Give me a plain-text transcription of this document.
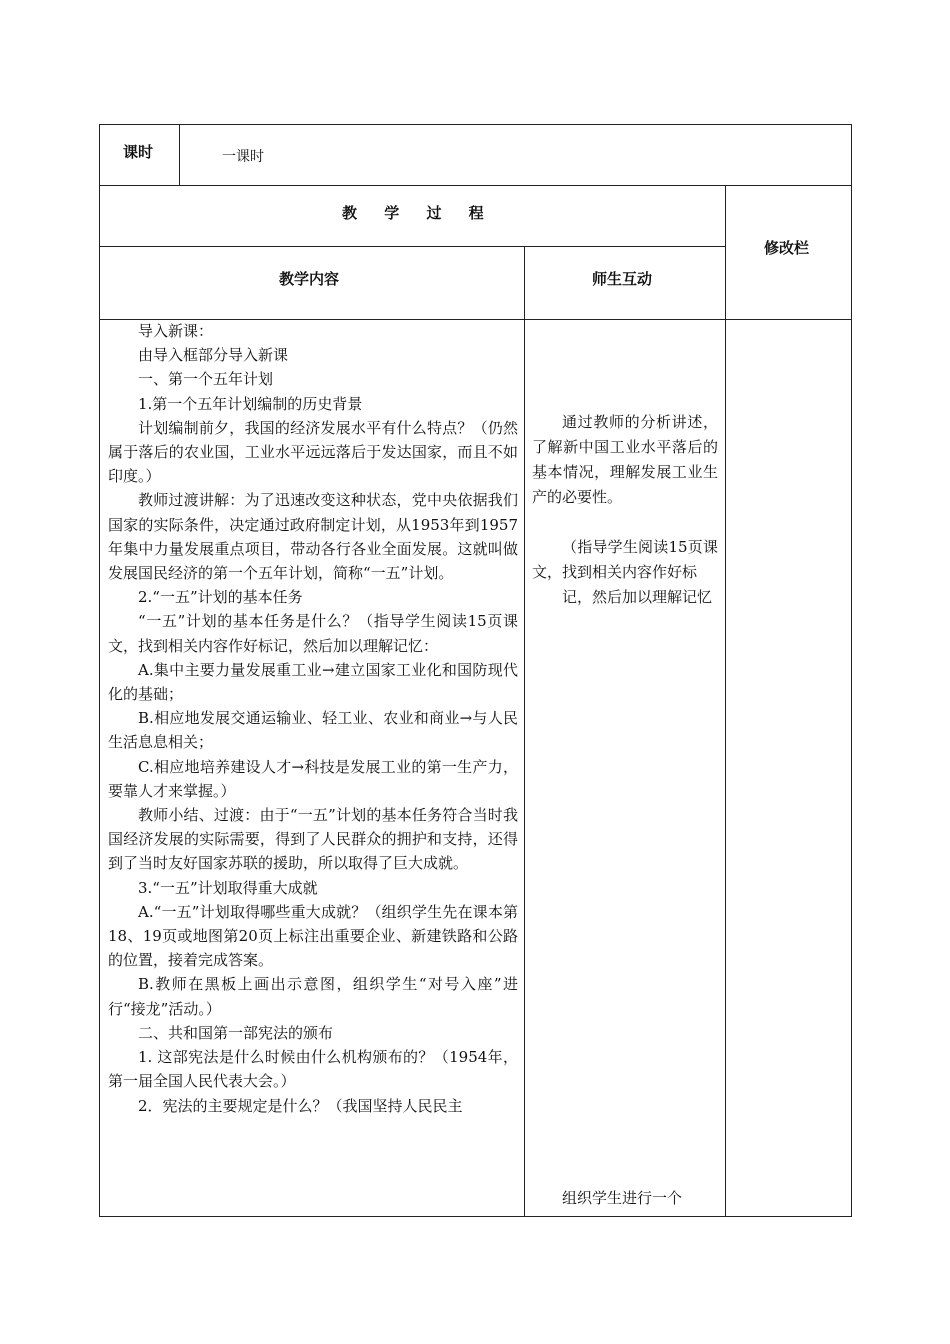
课时	一课时
教 学 过 程
修改栏
教学内容	师生互动

导入新课：

由导入框部分导入新课

一、第一个五年计划

1.第一个五年计划编制的历史背景

计划编制前夕，我国的经济发展水平有什么特点？（仍然属于落后的农业国，工业水平远远落后于发达国家，而且不如印度。）

教师过渡讲解：为了迅速改变这种状态，党中央依据我们国家的实际条件，决定通过政府制定计划，从1953年到1957年集中力量发展重点项目，带动各行各业全面发展。这就叫做发展国民经济的第一个五年计划，简称“一五”计划。

2.“一五”计划的基本任务

“一五”计划的基本任务是什么？（指导学生阅读15页课文，找到相关内容作好标记，然后加以理解记忆：

A.集中主要力量发展重工业→建立国家工业化和国防现代化的基础；

B.相应地发展交通运输业、轻工业、农业和商业→与人民生活息息相关；

C.相应地培养建设人才→科技是发展工业的第一生产力，要靠人才来掌握。）

教师小结、过渡：由于“一五”计划的基本任务符合当时我国经济发展的实际需要，得到了人民群众的拥护和支持，还得到了当时友好国家苏联的援助，所以取得了巨大成就。

3.“一五”计划取得重大成就

A.“一五”计划取得哪些重大成就？（组织学生先在课本第18、19页或地图第20页上标注出重要企业、新建铁路和公路的位置，接着完成答案。

B.教师在黑板上画出示意图，组织学生“对号入座”进行“接龙”活动。）

二、共和国第一部宪法的颁布

1. 这部宪法是什么时候由什么机构颁布的？（1954年，第一届全国人民代表大会。）

2．宪法的主要规定是什么？（我国坚持人民民主

通过教师的分析讲述，了解新中国工业水平落后的基本情况，理解发展工业生产的必要性。

（指导学生阅读15页课文，找到相关内容作好标

记，然后加以理解记忆

组织学生进行一个
